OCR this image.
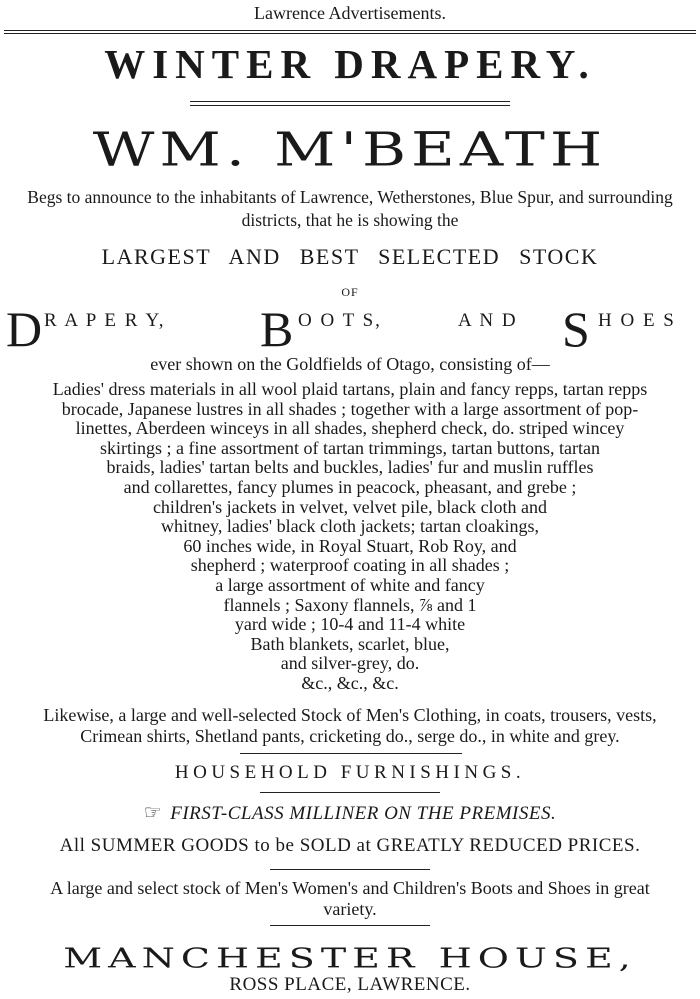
Lawrence Advertisements.
WINTER DRAPERY.
WM. M'BEATH
Begs to announce to the inhabitants of Lawrence, Wetherstones, Blue Spur, and surrounding districts, that he is showing the
LARGEST AND BEST SELECTED STOCK
OF
D R A P E R Y, B O O T S,	A N D S H O E S
ever shown on the Goldfields of Otago, consisting of—
Ladies' dress materials in all wool plaid tartans, plain and fancy repps, tartan repps
brocade, Japanese lustres in all shades ; together with a large assortment of pop-
linettes, Aberdeen winceys in all shades, shepherd check, do. striped wincey
skirtings ; a fine assortment of tartan trimmings, tartan buttons, tartan
braids, ladies' tartan belts and buckles, ladies' fur and muslin ruffles
and collarettes, fancy plumes in peacock, pheasant, and grebe ;
children's jackets in velvet, velvet pile, black cloth and
whitney, ladies' black cloth jackets; tartan cloakings,
60 inches wide, in Royal Stuart, Rob Roy, and
shepherd ; waterproof coating in all shades ;
a large assortment of white and fancy
flannels ; Saxony flannels, ⅞ and 1
yard wide ; 10-4 and 11-4 white
Bath blankets, scarlet, blue,
and silver-grey, do.
&c., &c., &c.
Likewise, a large and well-selected Stock of Men's Clothing, in coats, trousers, vests,
Crimean shirts, Shetland pants, cricketing do., serge do., in white and grey.
HOUSEHOLD FURNISHINGS.
☞ FIRST-CLASS MILLINER ON THE PREMISES.
All SUMMER GOODS to be SOLD at GREATLY REDUCED PRICES.
A large and select stock of Men's Women's and Children's Boots and Shoes in great
variety.
MANCHESTER HOUSE,
ROSS PLACE, LAWRENCE.
